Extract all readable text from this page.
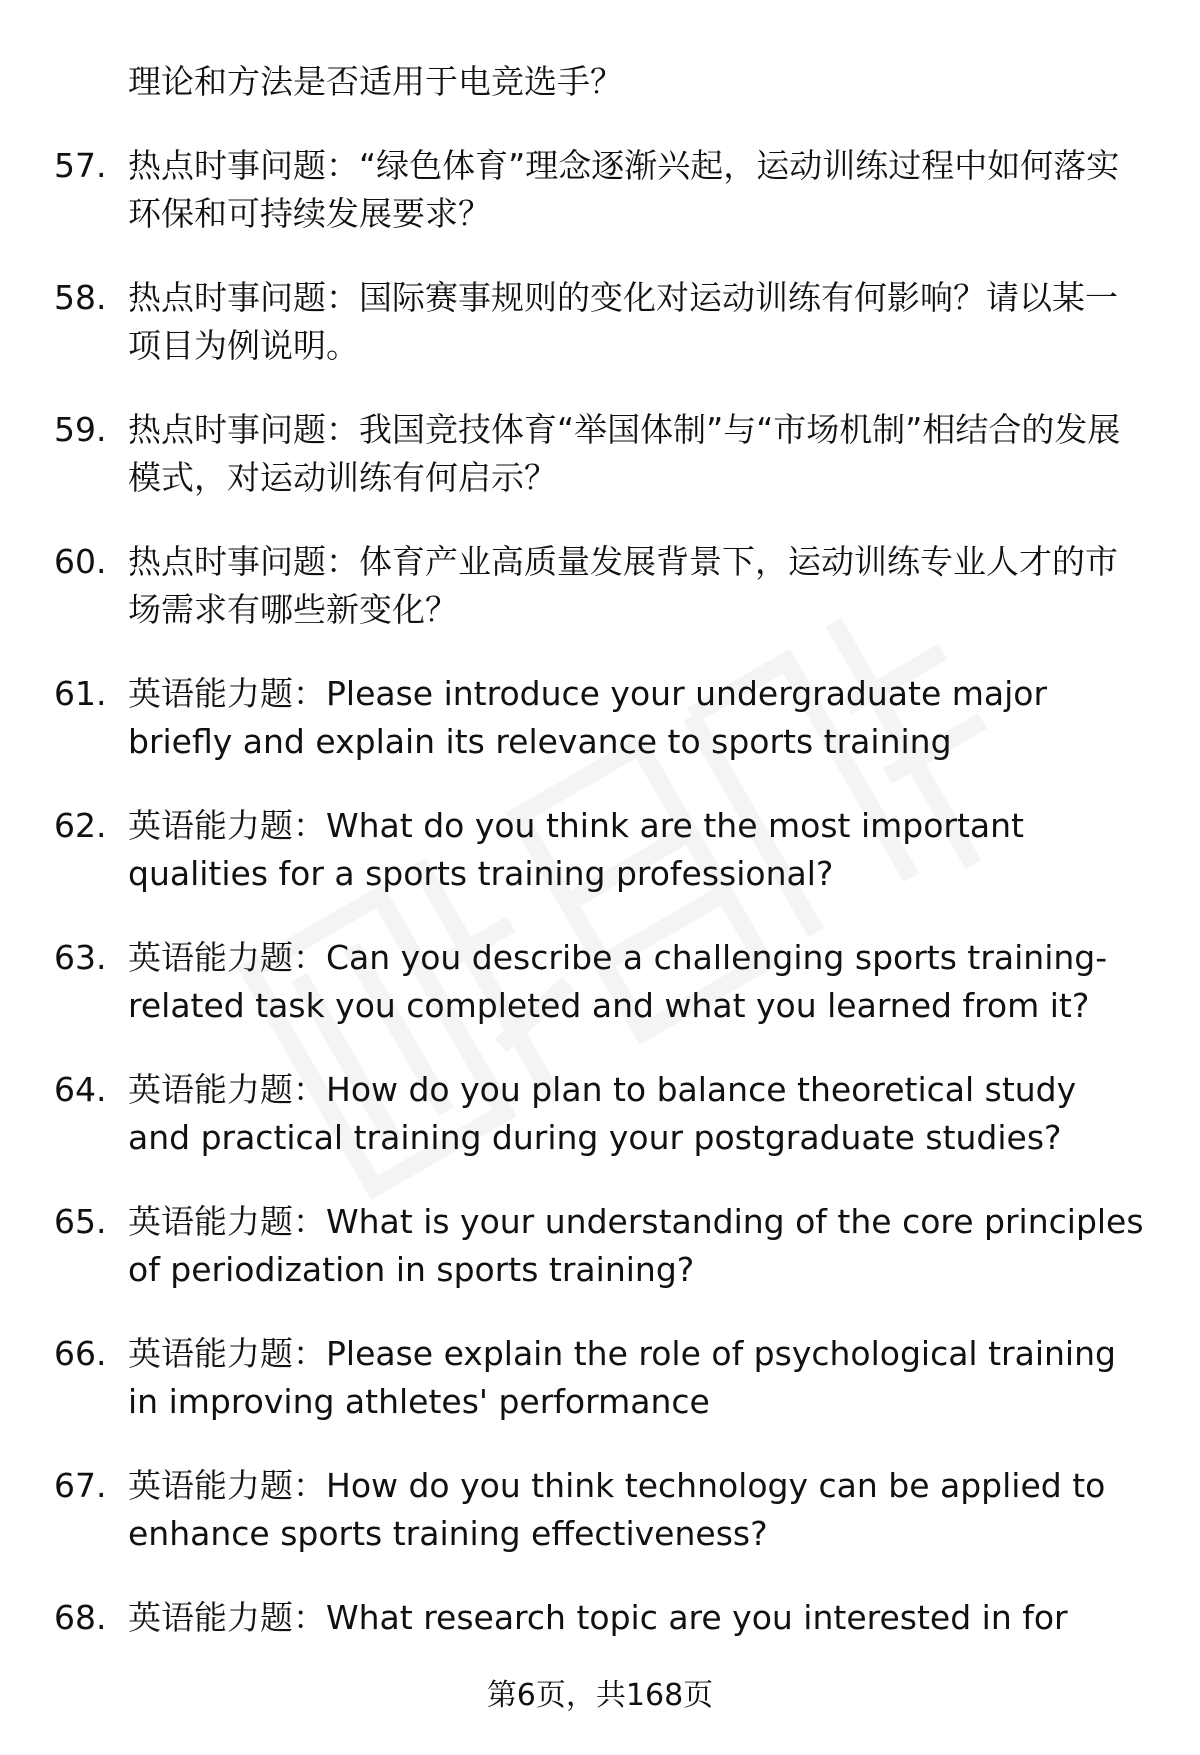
理论和方法是否适用于电竞选手？
57. 热点时事问题：“绿色体育”理念逐渐兴起，运动训练过程中如何落实环保和可持续发展要求？
58. 热点时事问题：国际赛事规则的变化对运动训练有何影响？请以某一项目为例说明。
59. 热点时事问题：我国竞技体育“举国体制”与“市场机制”相结合的发展模式，对运动训练有何启示？
60. 热点时事问题：体育产业高质量发展背景下，运动训练专业人才的市场需求有哪些新变化？
61. 英语能力题：Please introduce your undergraduate major briefly and explain its relevance to sports training
62. 英语能力题：What do you think are the most important qualities for a sports training professional?
63. 英语能力题：Can you describe a challenging sports training-related task you completed and what you learned from it?
64. 英语能力题：How do you plan to balance theoretical study and practical training during your postgraduate studies?
65. 英语能力题：What is your understanding of the core principles of periodization in sports training?
66. 英语能力题：Please explain the role of psychological training in improving athletes' performance
67. 英语能力题：How do you think technology can be applied to enhance sports training effectiveness?
68. 英语能力题：What research topic are you interested in for
第6页，共168页
